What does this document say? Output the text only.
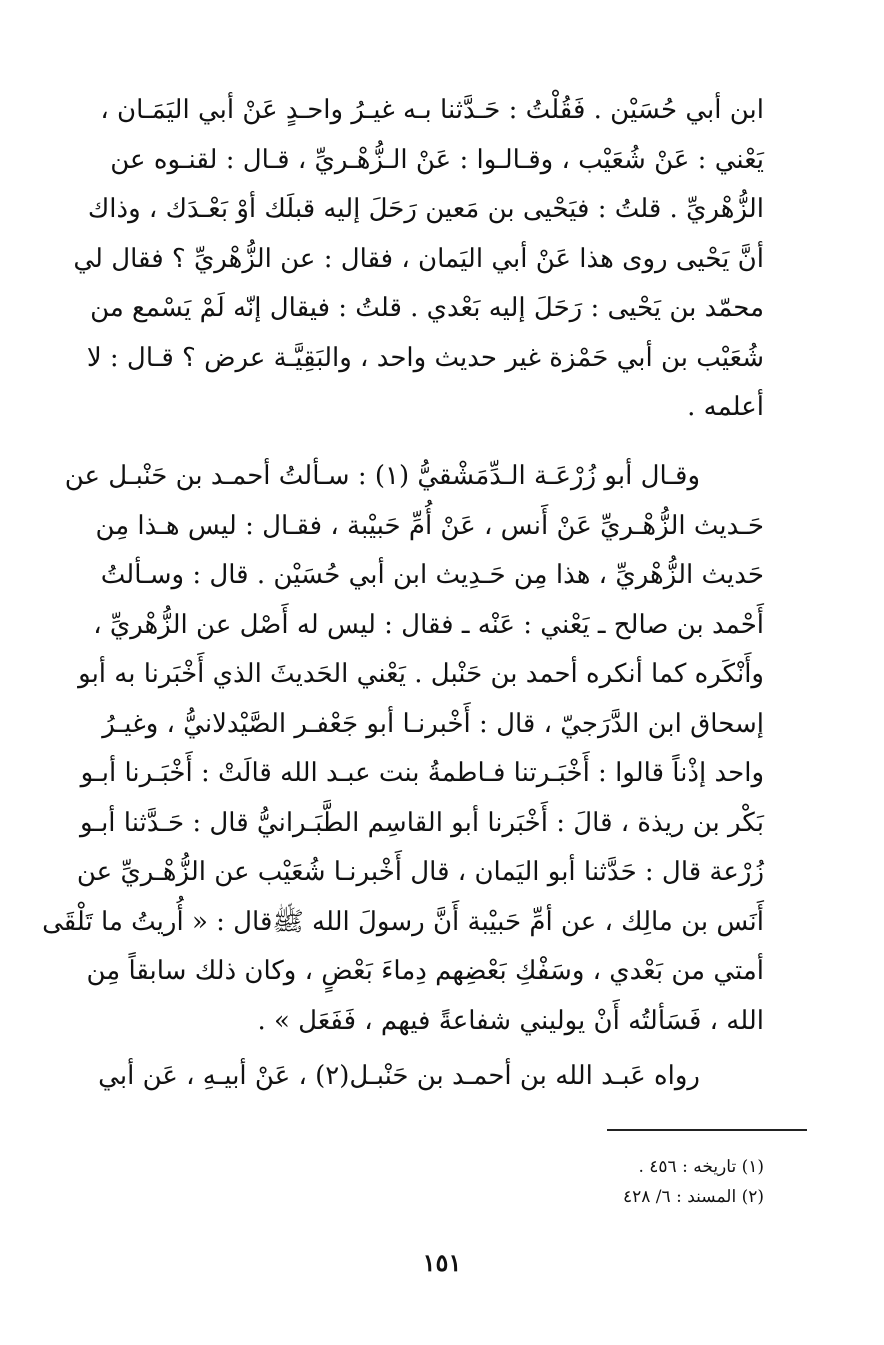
ابن أبي حُسَيْن . فَقُلْتُ : حَـدَّثنا بـه غيـرُ واحـدٍ عَنْ أبي اليَمَـان ،
يَعْني : عَنْ شُعَيْب ، وقـالـوا : عَنْ الـزُّهْـريِّ ، قـال : لقنـوه عن
الزُّهْريِّ . قلتُ : فيَحْيى بن مَعين رَحَلَ إليه قبلَك أوْ بَعْـدَك ، وذاك
أنَّ يَحْيى روى هذا عَنْ أبي اليَمان ، فقال : عن الزُّهْريِّ ؟ فقال لي
محمّد بن يَحْيى : رَحَلَ إليه بَعْدي . قلتُ : فيقال إنّه لَمْ يَسْمع من
شُعَيْب بن أبي حَمْزة غير حديث واحد ، والبَقِيَّـة عرض ؟ قـال : لا
أعلمه .
وقـال أبو زُرْعَـة الـدِّمَشْقيُّ (١) : سـألتُ أحمـد بن حَنْبـل عن
حَـديث الزُّهْـريِّ عَنْ أَنس ، عَنْ أُمِّ حَبيْبة ، فقـال : ليس هـذا مِن
حَديث الزُّهْريِّ ، هذا مِن حَـدِيث ابن أبي حُسَيْن . قال : وسـألتُ
أَحْمد بن صالح ـ يَعْني : عَنْه ـ فقال : ليس له أَصْل عن الزُّهْريِّ ،
وأَنْكَره كما أنكره أحمد بن حَنْبل . يَعْني الحَديثَ الذي أَخْبَرنا به أبو
إسحاق ابن الدَّرَجيّ ، قال : أَخْبرنـا أبو جَعْفـر الصَّيْدلانيُّ ، وغيـرُ
واحد إذْناً قالوا : أَخْبَـرتنا فـاطمةُ بنت عبـد الله قالَتْ : أَخْبَـرنا أبـو
بَكْر بن ريذة ، قالَ : أَخْبَرنا أبو القاسِم الطَّبَـرانيُّ قال : حَـدَّثنا أبـو
زُرْعة قال : حَدَّثنا أبو اليَمان ، قال أَخْبرنـا شُعَيْب عن الزُّهْـريِّ عن
أَنَس بن مالِك ، عن أمِّ حَبيْبة أَنَّ رسولَ الله ﷺقال : « أُريتُ ما تَلْقَى
أمتي من بَعْدي ، وسَفْكِ بَعْضِهم دِماءَ بَعْضٍ ، وكان ذلك سابقاً مِن
الله ، فَسَألتُه أَنْ يوليني شفاعةً فيهم ، فَفَعَل » .
رواه عَبـد الله بن أحمـد بن حَنْبـل(٢) ، عَنْ أبيـهِ ، عَن أبي
(١) تاريخه : ٤٥٦ .
(٢) المسند : ٦/ ٤٢٨
١٥١
